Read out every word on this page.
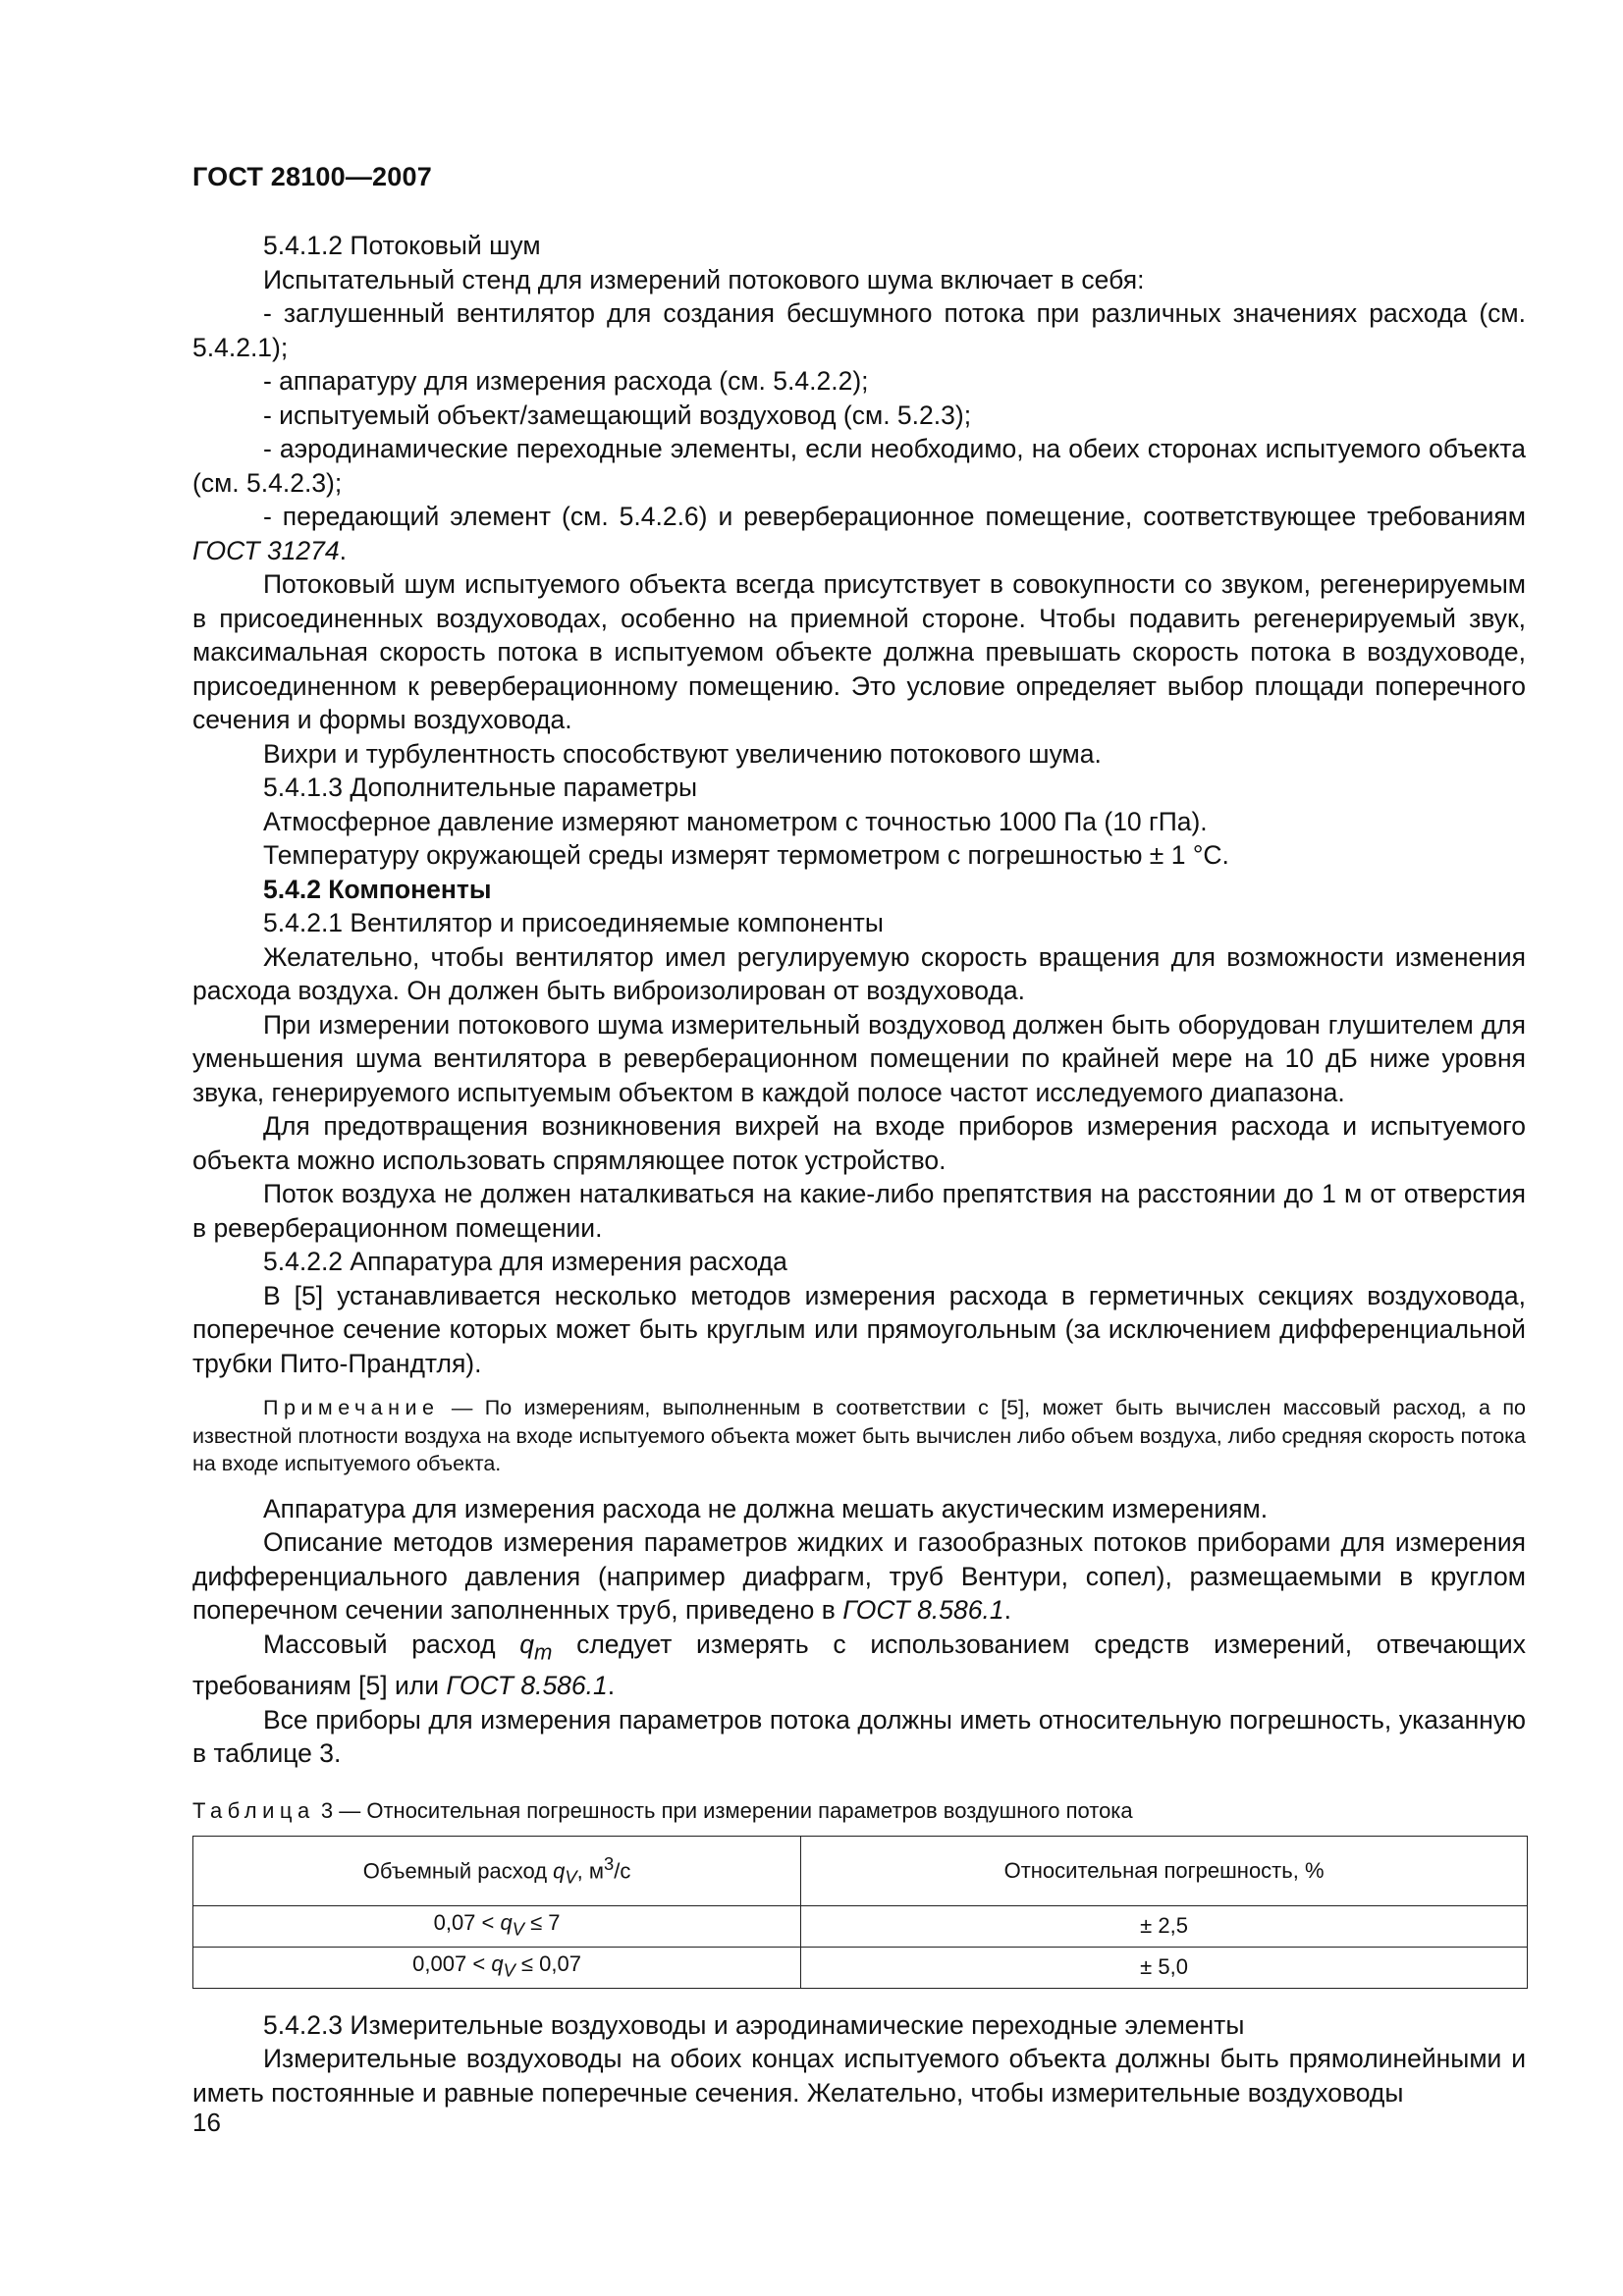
ГОСТ 28100—2007

5.4.1.2 Потоковый шум

Испытательный стенд для измерений потокового шума включает в себя:

- заглушенный вентилятор для создания бесшумного потока при различных значениях расхода (см. 5.4.2.1);

- аппаратуру для измерения расхода (см. 5.4.2.2);

- испытуемый объект/замещающий воздуховод (см. 5.2.3);

- аэродинамические переходные элементы, если необходимо, на обеих сторонах испытуемого объекта (см. 5.4.2.3);

- передающий элемент (см. 5.4.2.6) и реверберационное помещение, соответствующее требованиям ГОСТ 31274.

Потоковый шум испытуемого объекта всегда присутствует в совокупности со звуком, регенерируемым в присоединенных воздуховодах, особенно на приемной стороне. Чтобы подавить регенерируемый звук, максимальная скорость потока в испытуемом объекте должна превышать скорость потока в воздуховоде, присоединенном к реверберационному помещению. Это условие определяет выбор площади поперечного сечения и формы воздуховода.

Вихри и турбулентность способствуют увеличению потокового шума.

5.4.1.3 Дополнительные параметры

Атмосферное давление измеряют манометром с точностью 1000 Па (10 гПа).

Температуру окружающей среды измерят термометром с погрешностью ± 1 °С.

5.4.2 Компоненты

5.4.2.1 Вентилятор и присоединяемые компоненты

Желательно, чтобы вентилятор имел регулируемую скорость вращения для возможности изменения расхода воздуха. Он должен быть виброизолирован от воздуховода.

При измерении потокового шума измерительный воздуховод должен быть оборудован глушителем для уменьшения шума вентилятора в реверберационном помещении по крайней мере на 10 дБ ниже уровня звука, генерируемого испытуемым объектом в каждой полосе частот исследуемого диапазона.

Для предотвращения возникновения вихрей на входе приборов измерения расхода и испытуемого объекта можно использовать спрямляющее поток устройство.

Поток воздуха не должен наталкиваться на какие-либо препятствия на расстоянии до 1 м от отверстия в реверберационном помещении.

5.4.2.2 Аппаратура для измерения расхода

В [5] устанавливается несколько методов измерения расхода в герметичных секциях воздуховода, поперечное сечение которых может быть круглым или прямоугольным (за исключением дифференциальной трубки Пито-Прандтля).

Примечание — По измерениям, выполненным в соответствии с [5], может быть вычислен массовый расход, а по известной плотности воздуха на входе испытуемого объекта может быть вычислен либо объем воздуха, либо средняя скорость потока на входе испытуемого объекта.

Аппаратура для измерения расхода не должна мешать акустическим измерениям.

Описание методов измерения параметров жидких и газообразных потоков приборами для измерения дифференциального давления (например диафрагм, труб Вентури, сопел), размещаемыми в круглом поперечном сечении заполненных труб, приведено в ГОСТ 8.586.1.

Массовый расход $q_m$ следует измерять с использованием средств измерений, отвечающих требованиям [5] или ГОСТ 8.586.1.

Все приборы для измерения параметров потока должны иметь относительную погрешность, указанную в таблице 3.

Таблица 3 — Относительная погрешность при измерении параметров воздушного потока

Объемный расход $q_V$, $м^3/с$	Относительная погрешность, %
$0,07 < q_V \le 7$	± 2,5
$0,007 < q_V \le 0,07$	± 5,0

5.4.2.3 Измерительные воздуховоды и аэродинамические переходные элементы

Измерительные воздуховоды на обоих концах испытуемого объекта должны быть прямолинейными и иметь постоянные и равные поперечные сечения. Желательно, чтобы измерительные воздуховоды

16
